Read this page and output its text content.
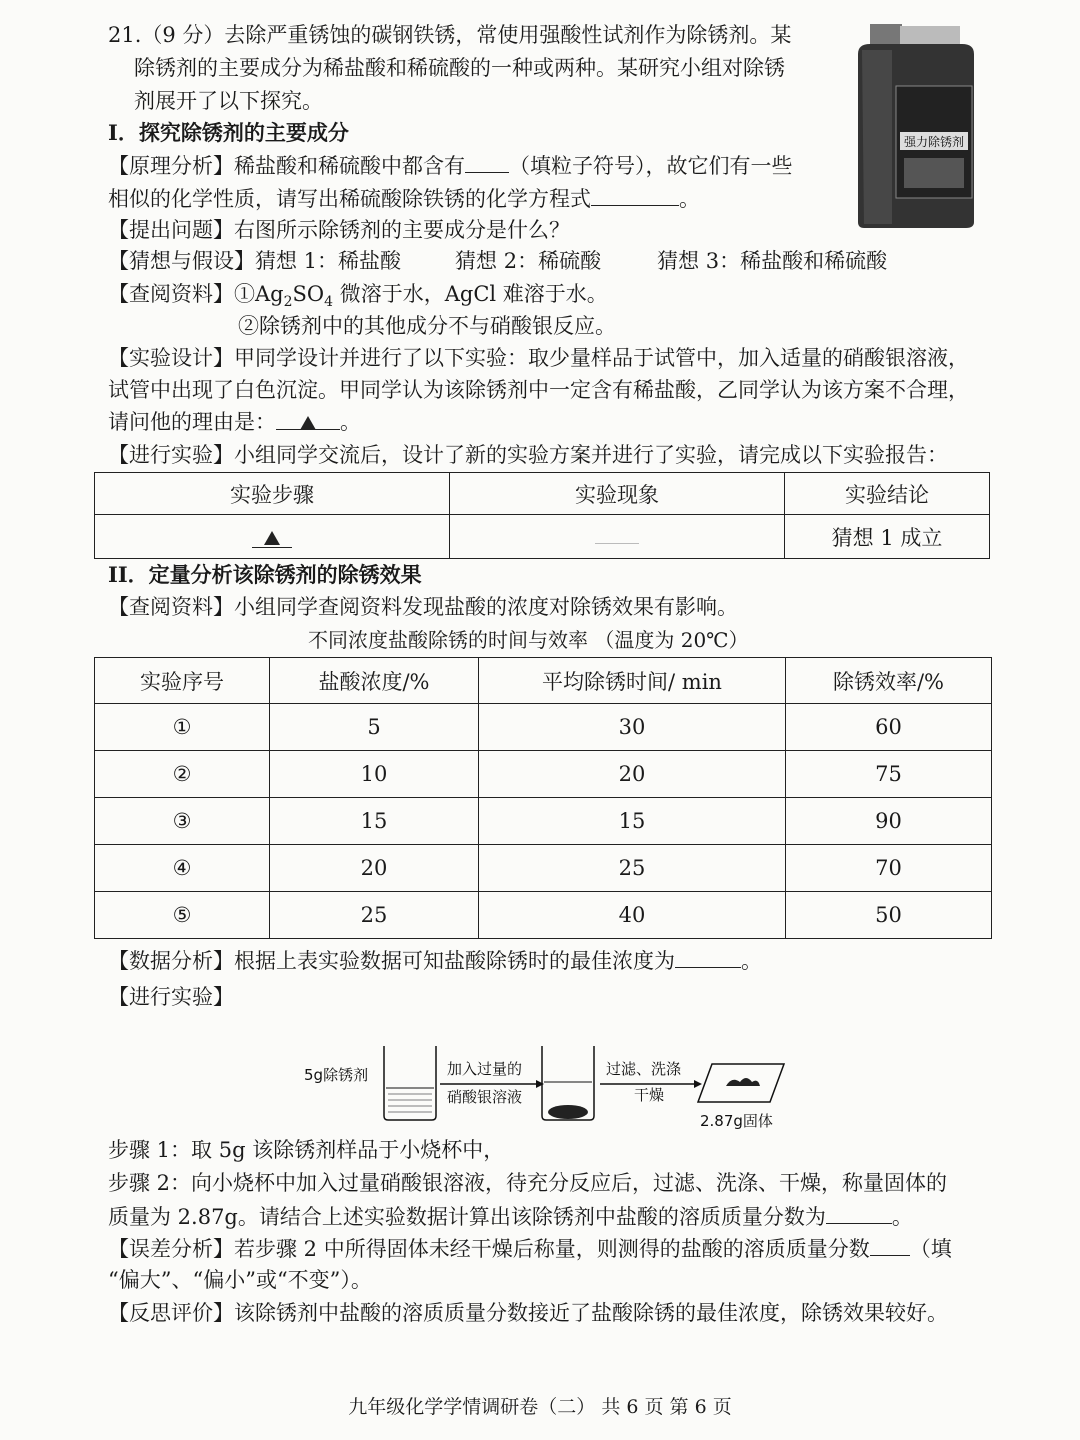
21.（9 分）去除严重锈蚀的碳钢铁锈，常使用强酸性试剂作为除锈剂。某
除锈剂的主要成分为稀盐酸和稀硫酸的一种或两种。某研究小组对除锈
剂展开了以下探究。
强力除锈剂
I．探究除锈剂的主要成分
【原理分析】稀盐酸和稀硫酸中都含有 （填粒子符号），故它们有一些
相似的化学性质，请写出稀硫酸除铁锈的化学方程式	。
【提出问题】右图所示除锈剂的主要成分是什么？
【猜想与假设】猜想 1：稀盐酸	猜想 2：稀硫酸	猜想 3：稀盐酸和稀硫酸
【查阅资料】$①Ag_2SO_4$ 微溶于水，AgCl 难溶于水。
②除锈剂中的其他成分不与硝酸银反应。
【实验设计】甲同学设计并进行了以下实验：取少量样品于试管中，加入适量的硝酸银溶液，
试管中出现了白色沉淀。甲同学认为该除锈剂中一定含有稀盐酸，乙同学认为该方案不合理，
请问他的理由是：	。
【进行实验】小组同学交流后，设计了新的实验方案并进行了实验，请完成以下实验报告：
实验步骤	实验现象	实验结论
		猜想 1 成立
II．定量分析该除锈剂的除锈效果
【查阅资料】小组同学查阅资料发现盐酸的浓度对除锈效果有影响。
不同浓度盐酸除锈的时间与效率 （温度为 20℃）
实验序号	盐酸浓度/%	平均除锈时间/ min	除锈效率/%
①	5	30	60
②	10	20	75
③	15	15	90
④	20	25	70
⑤	25	40	50
【数据分析】根据上表实验数据可知盐酸除锈时的最佳浓度为	。
【进行实验】
5g除锈剂	加入过量的
硝酸银溶液
过滤、洗涤
干燥
2.87g固体
步骤 1：取 5g 该除锈剂样品于小烧杯中，
步骤 2：向小烧杯中加入过量硝酸银溶液，待充分反应后，过滤、洗涤、干燥，称量固体的
质量为 2.87g。请结合上述实验数据计算出该除锈剂中盐酸的溶质质量分数为	。
【误差分析】若步骤 2 中所得固体未经干燥后称量，则测得的盐酸的溶质质量分数 （填
“偏大”、“偏小”或“不变”）。
【反思评价】该除锈剂中盐酸的溶质质量分数接近了盐酸除锈的最佳浓度，除锈效果较好。
九年级化学学情调研卷（二） 共 6 页 第 6 页
